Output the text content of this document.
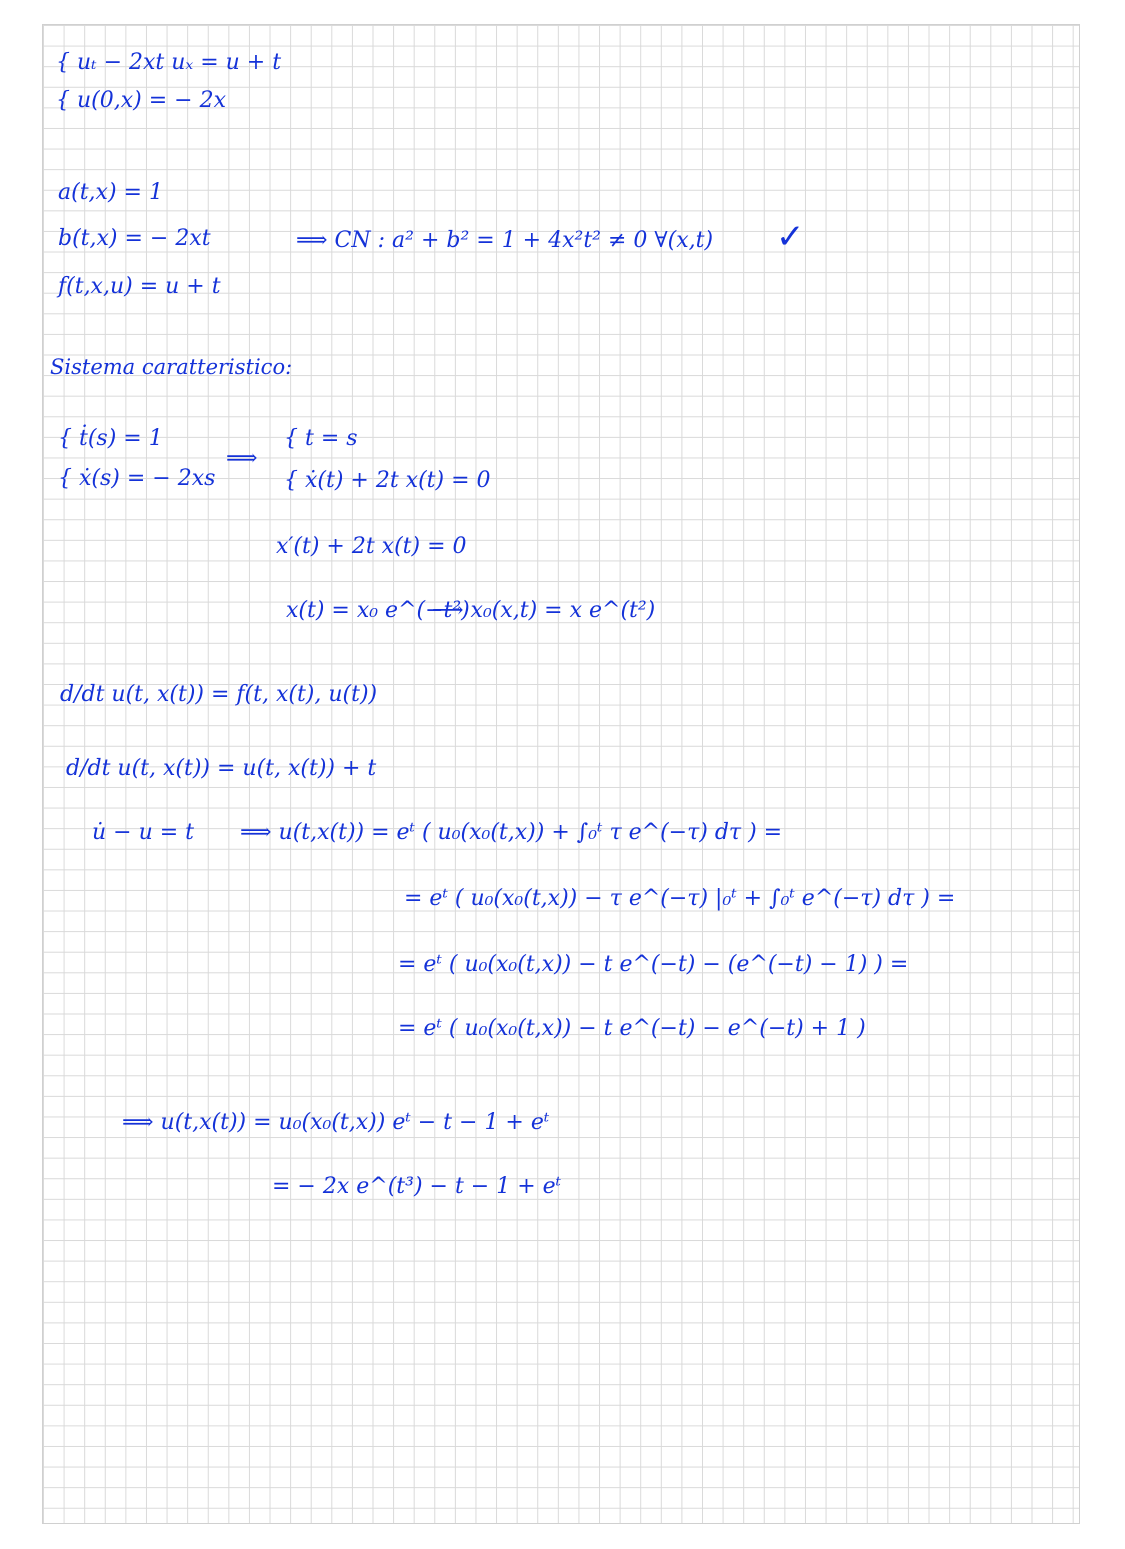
{ uₜ − 2xt uₓ = u + t
{ u(0,x) = − 2x
a(t,x) = 1
b(t,x) = − 2xt
f(t,x,u) = u + t
⟹ CN : a² + b² = 1 + 4x²t² ≠ 0 ∀(x,t) ✓
Sistema caratteristico:
{ ṫ(s) = 1
{ ẋ(s) = − 2xs
⟹
{ t = s
{ ẋ(t) + 2t x(t) = 0
x′(t) + 2t x(t) = 0
x(t) = x₀ e^(−t²)
⟶ x₀(x,t) = x e^(t²)
d/dt u(t, x(t)) = f(t, x(t), u(t))
d/dt u(t, x(t)) = u(t, x(t)) + t
u̇ − u = t ⟹ u(t,x(t)) = eᵗ ( u₀(x₀(t,x)) + ∫₀ᵗ τ e^(−τ) dτ ) =
= eᵗ ( u₀(x₀(t,x)) − τ e^(−τ) |₀ᵗ + ∫₀ᵗ e^(−τ) dτ ) =
= eᵗ ( u₀(x₀(t,x)) − t e^(−t) − (e^(−t) − 1) ) =
= eᵗ ( u₀(x₀(t,x)) − t e^(−t) − e^(−t) + 1 )
⟹ u(t,x(t)) = u₀(x₀(t,x)) eᵗ − t − 1 + eᵗ
= − 2x e^(t³) − t − 1 + eᵗ
